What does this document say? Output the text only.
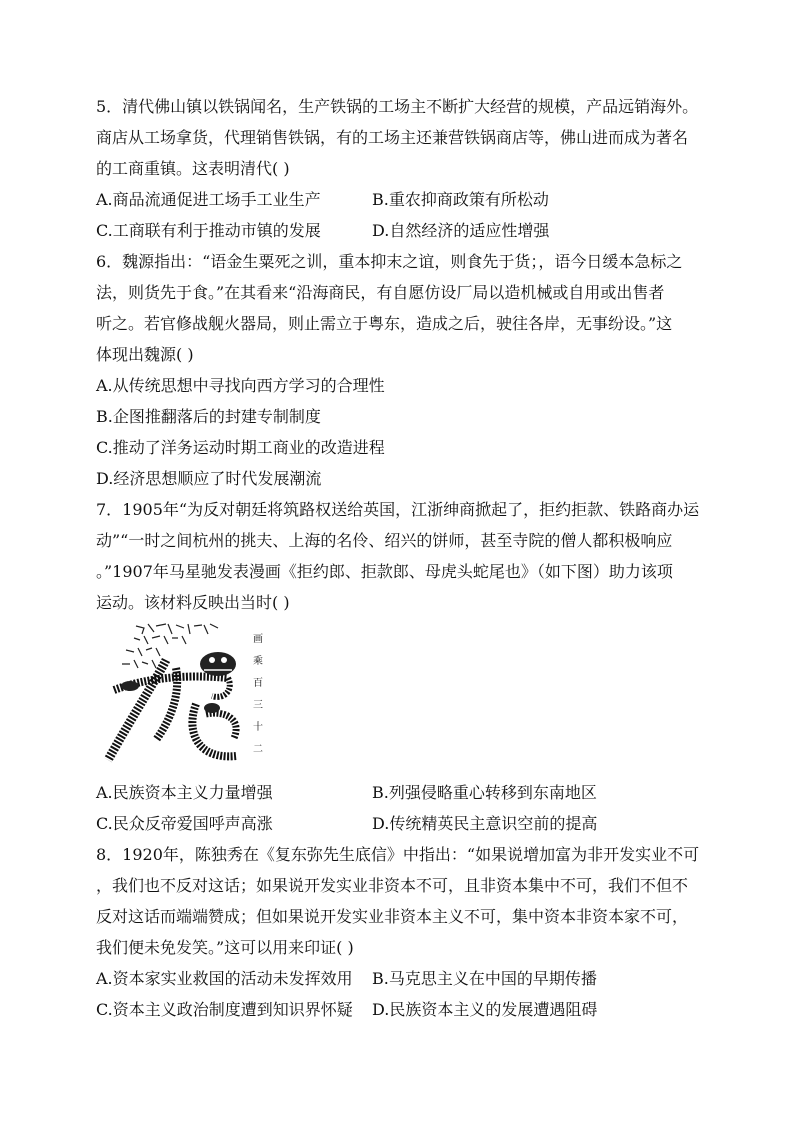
5．清代佛山镇以铁锅闻名，生产铁锅的工场主不断扩大经营的规模，产品远销海外。
商店从工场拿货，代理销售铁锅，有的工场主还兼营铁锅商店等，佛山进而成为著名
的工商重镇。这表明清代( )
A.商品流通促进工场手工业生产	B.重农抑商政策有所松动
C.工商联有利于推动市镇的发展	D.自然经济的适应性增强
6．魏源指出：“语金生粟死之训，重本抑末之谊，则食先于货；，语今日缓本急标之
法，则货先于食。”在其看来“沿海商民，有自愿仿设厂局以造机械或自用或出售者
听之。若官修战舰火器局，则止需立于粤东，造成之后，驶往各岸，无事纷设。”这
体现出魏源( )
A.从传统思想中寻找向西方学习的合理性
B.企图推翻落后的封建专制制度
C.推动了洋务运动时期工商业的改造进程
D.经济思想顺应了时代发展潮流
7．1905年“为反对朝廷将筑路权送给英国，江浙绅商掀起了，拒约拒款、铁路商办运
动”“一时之间杭州的挑夫、上海的名伶、绍兴的饼师，甚至寺院的僧人都积极响应
。”1907年马星驰发表漫画《拒约郎、拒款郎、母虎头蛇尾也》（如下图）助力该项
运动。该材料反映出当时( )
画
乘
百
三
十
二
虎
A.民族资本主义力量增强	B.列强侵略重心转移到东南地区
C.民众反帝爱国呼声高涨	D.传统精英民主意识空前的提高
8．1920年，陈独秀在《复东弥先生底信》中指出：“如果说增加富为非开发实业不可
，我们也不反对这话；如果说开发实业非资本不可，且非资本集中不可，我们不但不
反对这话而端端赞成；但如果说开发实业非资本主义不可，集中资本非资本家不可，
我们便未免发笑。”这可以用来印证( )
A.资本家实业救国的活动未发挥效用 B.马克思主义在中国的早期传播
C.资本主义政治制度遭到知识界怀疑 D.民族资本主义的发展遭遇阻碍
